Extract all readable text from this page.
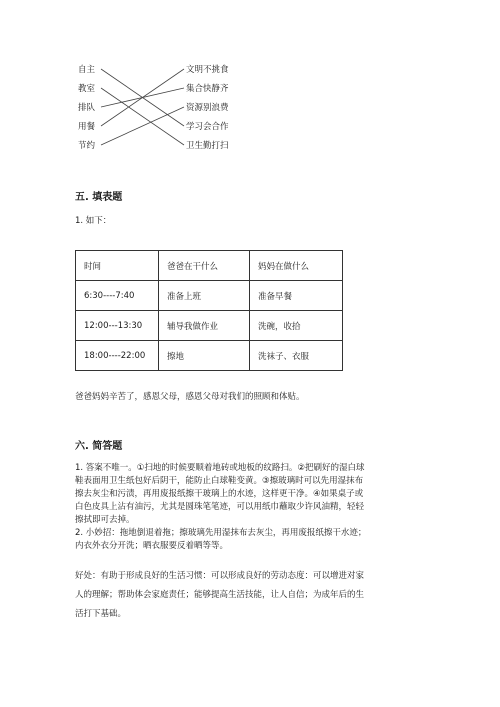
自主
教室
排队
用餐
节约
文明不挑食
集合快静齐
资源别浪费
学习会合作
卫生勤打扫
五. 填表题
1. 如下：
时间	爸爸在干什么	妈妈在做什么
6:30----7:40	准备上班	准备早餐
12:00---13:30	辅导我做作业	洗碗，收拾
18:00----22:00	擦地	洗袜子、衣服
爸爸妈妈辛苦了，感恩父母，感恩父母对我们的照顾和体贴。
六. 简答题
1. 答案不唯一。①扫地的时候要顺着地砖或地板的纹路扫。②把刷好的湿白球
鞋表面用卫生纸包好后阴干，能防止白球鞋变黄。③擦玻璃时可以先用湿抹布
擦去灰尘和污渍，再用废报纸擦干玻璃上的水迹，这样更干净。④如果桌子或
白色皮具上沾有油污，尤其是圆珠笔笔迹，可以用纸巾蘸取少许风油精，轻轻
擦拭即可去掉。
2. 小妙招：拖地倒退着拖；擦玻璃先用湿抹布去灰尘，再用废报纸擦干水迹；
内衣外衣分开洗；晒衣服要反着晒等等。
好处：有助于形成良好的生活习惯：可以形成良好的劳动态度：可以增进对家
人的理解；帮助体会家庭责任；能够提高生活技能，让人自信；为成年后的生
活打下基础。
